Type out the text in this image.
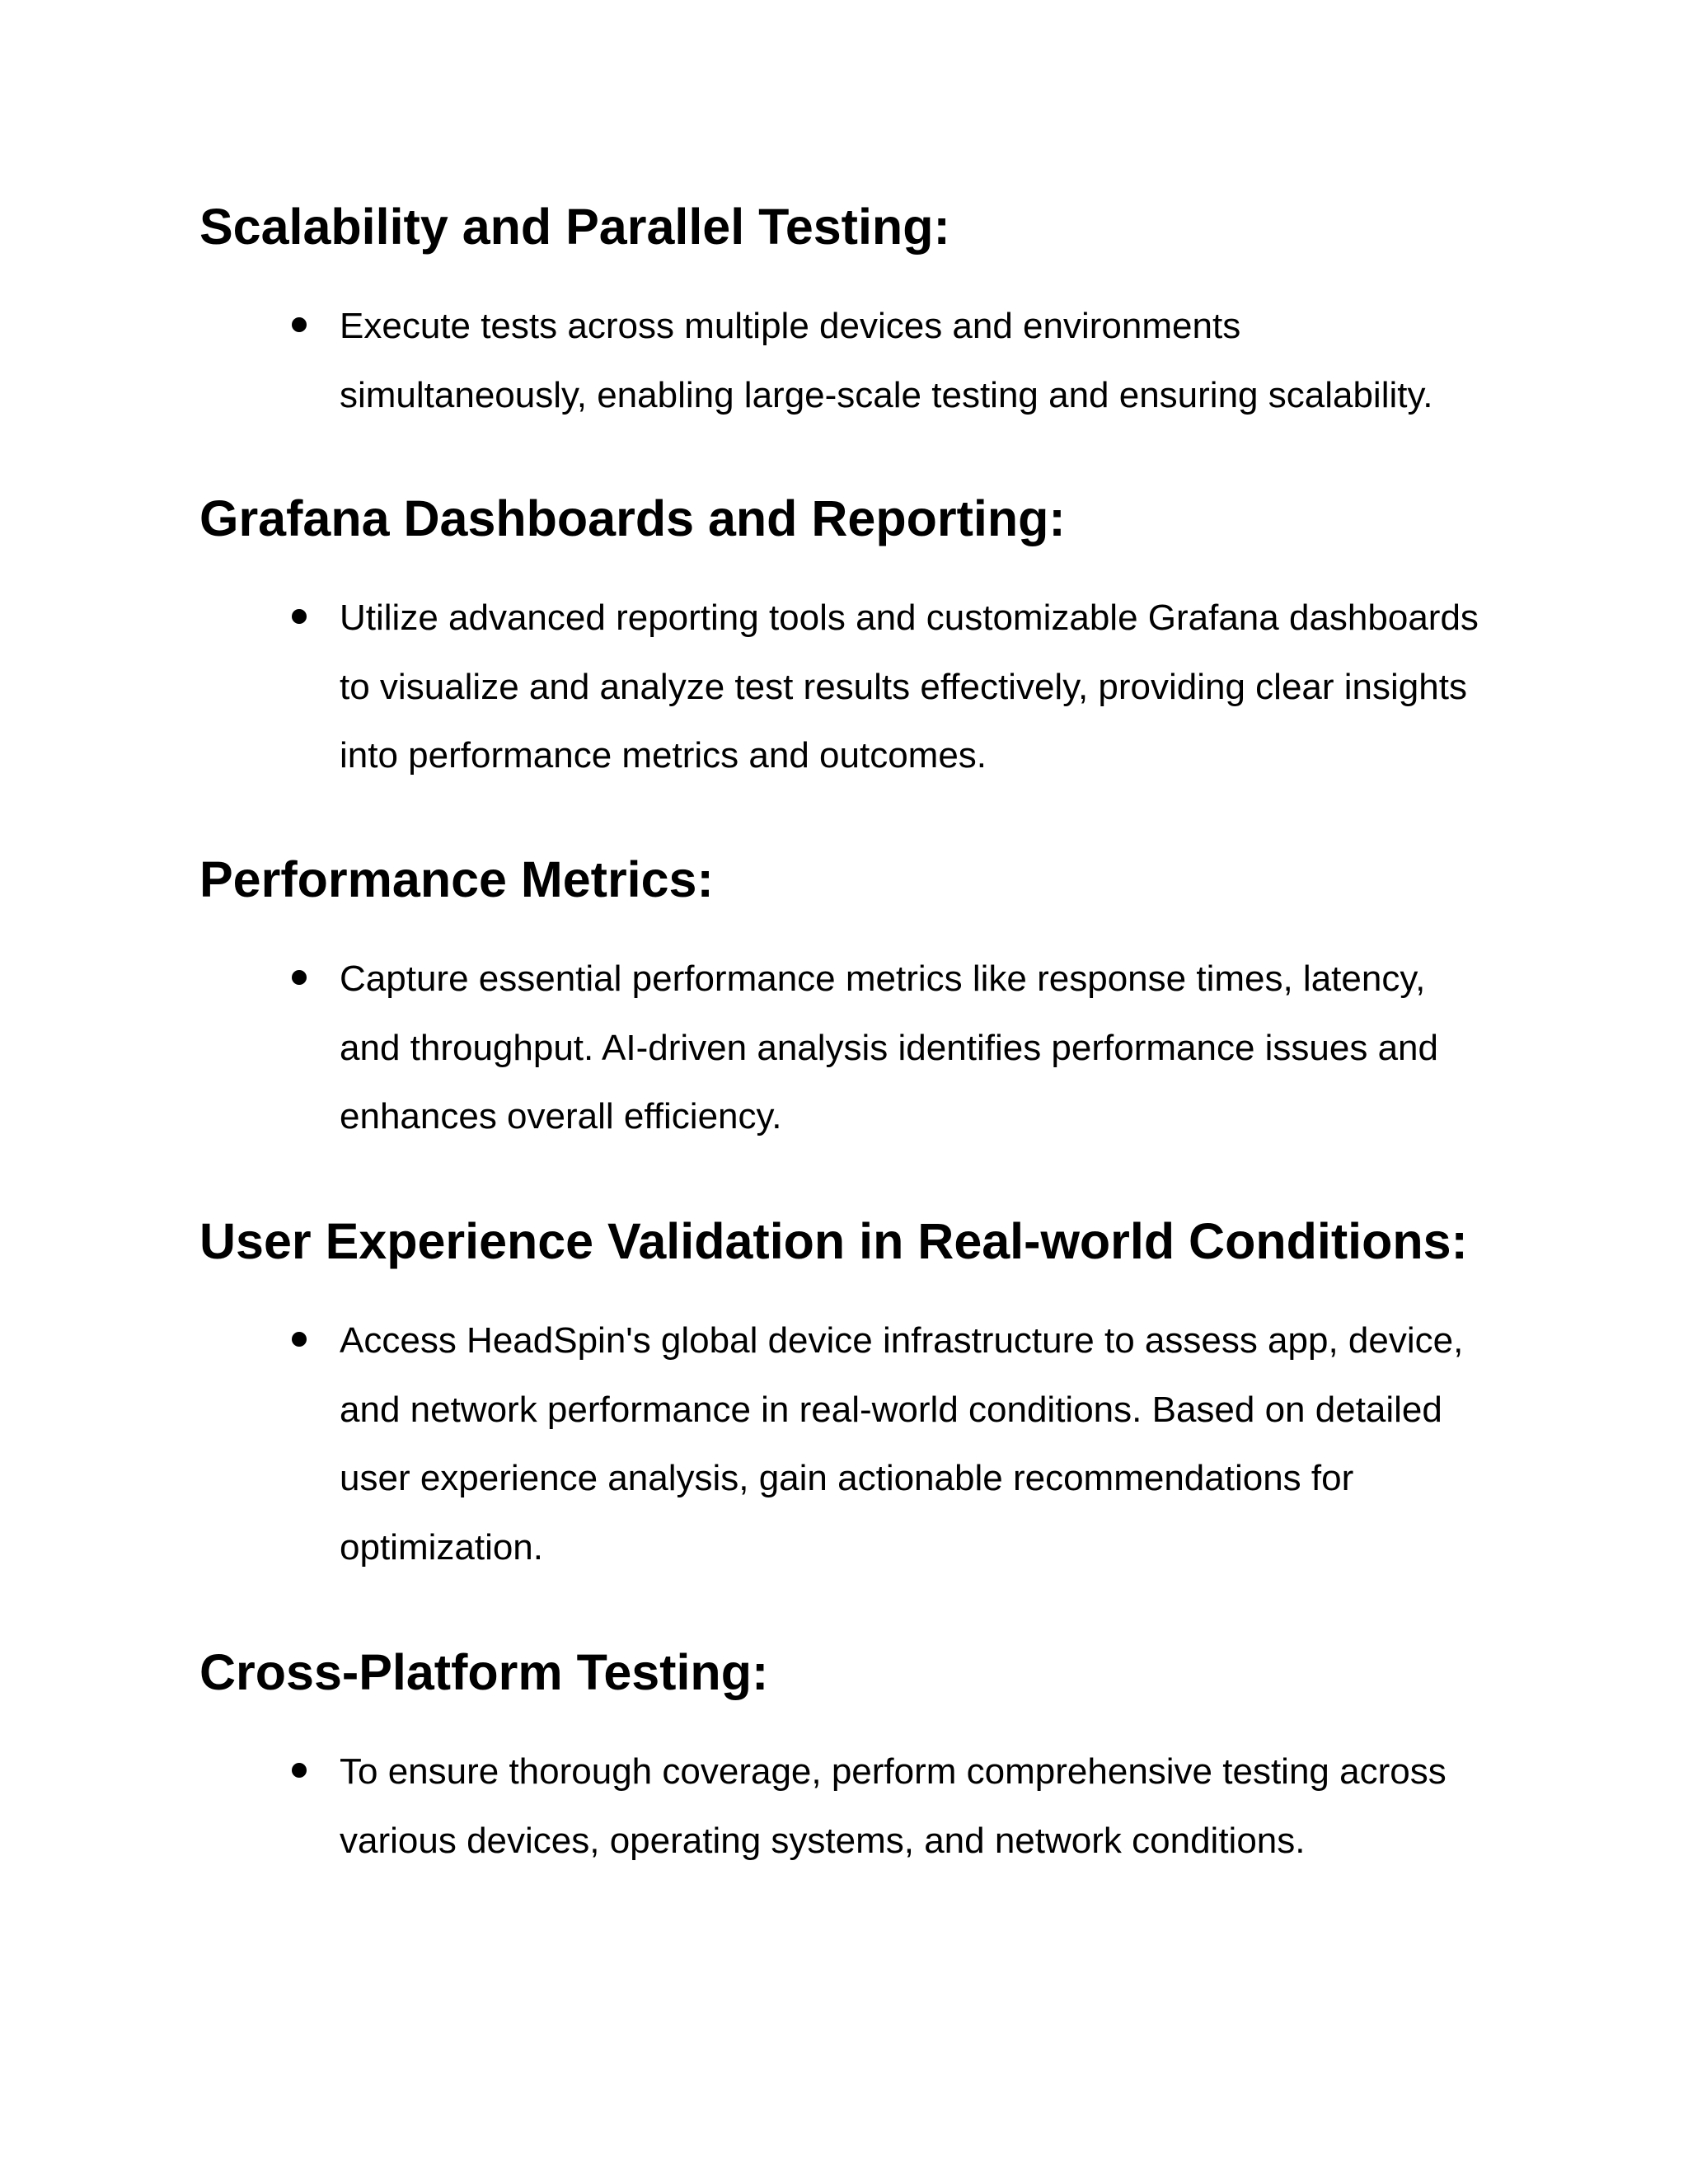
Scalability and Parallel Testing:
Execute tests across multiple devices and environments simultaneously, enabling large-scale testing and ensuring scalability.
Grafana Dashboards and Reporting:
Utilize advanced reporting tools and customizable Grafana dashboards to visualize and analyze test results effectively, providing clear insights into performance metrics and outcomes.
Performance Metrics:
Capture essential performance metrics like response times, latency, and throughput. AI-driven analysis identifies performance issues and enhances overall efficiency.
User Experience Validation in Real-world Conditions:
Access HeadSpin's global device infrastructure to assess app, device, and network performance in real-world conditions. Based on detailed user experience analysis, gain actionable recommendations for optimization.
Cross-Platform Testing:
To ensure thorough coverage, perform comprehensive testing across various devices, operating systems, and network conditions.
